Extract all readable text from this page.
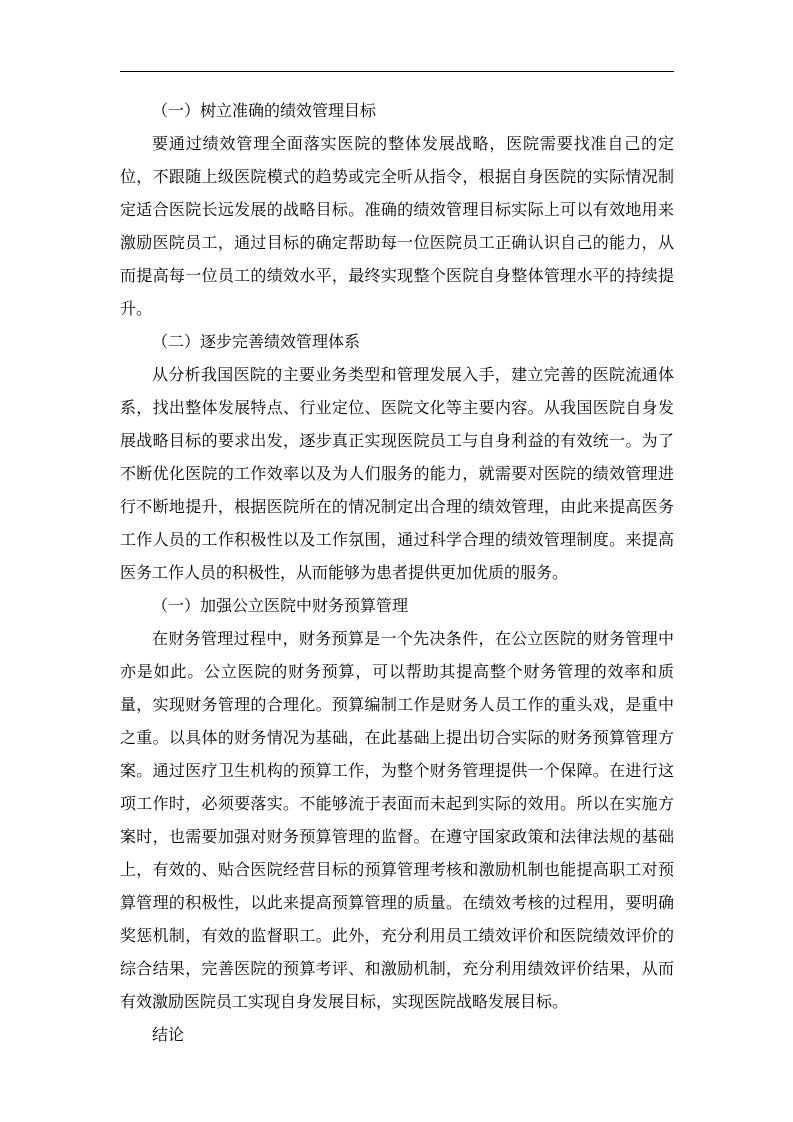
（一）树立准确的绩效管理目标

要通过绩效管理全面落实医院的整体发展战略，医院需要找准自己的定位，不跟随上级医院模式的趋势或完全听从指令，根据自身医院的实际情况制定适合医院长远发展的战略目标。准确的绩效管理目标实际上可以有效地用来激励医院员工，通过目标的确定帮助每一位医院员工正确认识自己的能力，从而提高每一位员工的绩效水平，最终实现整个医院自身整体管理水平的持续提升。

（二）逐步完善绩效管理体系

从分析我国医院的主要业务类型和管理发展入手，建立完善的医院流通体系，找出整体发展特点、行业定位、医院文化等主要内容。从我国医院自身发展战略目标的要求出发，逐步真正实现医院员工与自身利益的有效统一。为了不断优化医院的工作效率以及为人们服务的能力，就需要对医院的绩效管理进行不断地提升，根据医院所在的情况制定出合理的绩效管理，由此来提高医务工作人员的工作积极性以及工作氛围，通过科学合理的绩效管理制度。来提高医务工作人员的积极性，从而能够为患者提供更加优质的服务。

（一）加强公立医院中财务预算管理

在财务管理过程中，财务预算是一个先决条件，在公立医院的财务管理中亦是如此。公立医院的财务预算，可以帮助其提高整个财务管理的效率和质量，实现财务管理的合理化。预算编制工作是财务人员工作的重头戏，是重中之重。以具体的财务情况为基础，在此基础上提出切合实际的财务预算管理方案。通过医疗卫生机构的预算工作，为整个财务管理提供一个保障。在进行这项工作时，必须要落实。不能够流于表面而未起到实际的效用。所以在实施方案时，也需要加强对财务预算管理的监督。在遵守国家政策和法律法规的基础上，有效的、贴合医院经营目标的预算管理考核和激励机制也能提高职工对预算管理的积极性，以此来提高预算管理的质量。在绩效考核的过程用，要明确奖惩机制，有效的监督职工。此外，充分利用员工绩效评价和医院绩效评价的综合结果，完善医院的预算考评、和激励机制，充分利用绩效评价结果，从而有效激励医院员工实现自身发展目标，实现医院战略发展目标。

结论
